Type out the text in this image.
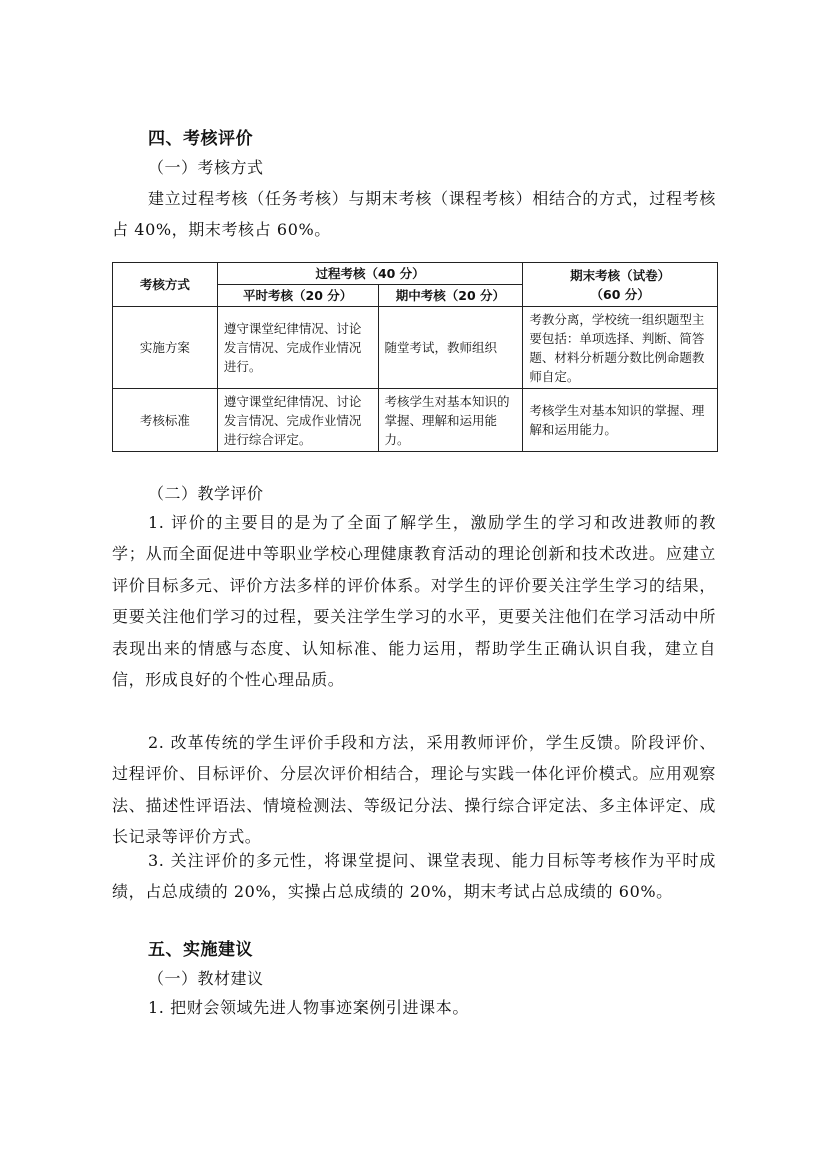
四、考核评价
（一）考核方式

建立过程考核（任务考核）与期末考核（课程考核）相结合的方式，过程考核占 40%，期末考核占 60%。

考核方式	过程考核（40 分）		期末考核（试卷）
（60 分）
	平时考核（20 分）	期中考核（20 分）	
实施方案	遵守课堂纪律情况、讨论发言情况、完成作业情况进行。	随堂考试，教师组织	考教分离，学校统一组织题型主要包括：单项选择、判断、简答题、材料分析题分数比例命题教师自定。
考核标准	遵守课堂纪律情况、讨论发言情况、完成作业情况进行综合评定。	考核学生对基本知识的掌握、理解和运用能力。	考核学生对基本知识的掌握、理解和运用能力。
（二）教学评价

1. 评价的主要目的是为了全面了解学生，激励学生的学习和改进教师的教学；从而全面促进中等职业学校心理健康教育活动的理论创新和技术改进。应建立评价目标多元、评价方法多样的评价体系。对学生的评价要关注学生学习的结果，更要关注他们学习的过程，要关注学生学习的水平，更要关注他们在学习活动中所表现出来的情感与态度、认知标准、能力运用，帮助学生正确认识自我，建立自信，形成良好的个性心理品质。

2. 改革传统的学生评价手段和方法，采用教师评价，学生反馈。阶段评价、过程评价、目标评价、分层次评价相结合，理论与实践一体化评价模式。应用观察法、描述性评语法、情境检测法、等级记分法、操行综合评定法、多主体评定、成长记录等评价方式。

3. 关注评价的多元性，将课堂提问、课堂表现、能力目标等考核作为平时成绩，占总成绩的 20%，实操占总成绩的 20%，期末考试占总成绩的 60%。

五、实施建议
（一）教材建议
1. 把财会领域先进人物事迹案例引进课本。
